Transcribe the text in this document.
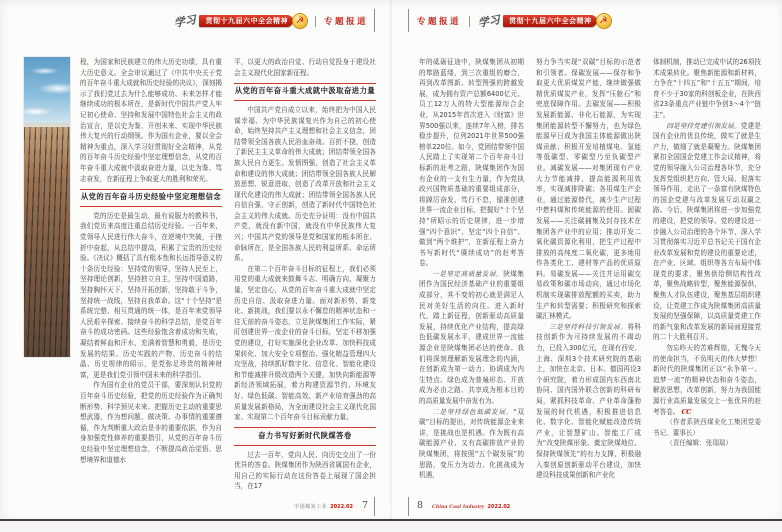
学习	贯彻十九届六中全会精神 ☭	专题报道	专题报道 学习	贯彻十九届六中全会精神 ☭

程，为国家和民族建立的伟大历史功绩，具有重大历史意义。全会审议通过了《中共中央关于党的百年奋斗重大成就和历史经验的决议》，深刻揭示了我们党过去为什么能够成功、未来怎样才能继续成功的根本所在，是新时代中国共产党人牢记初心使命、坚持和发展中国特色社会主义的政治宣言，是以史为鉴、开创未来、实现中华民族伟大复兴的行动纲领。作为国有企业，要以全会精神为重点，深入学习好贯彻好全会精神，从党的百年奋斗历史经验中坚定理想信念，从党的百年奋斗重大成就中汲取奋进力量，以史为鉴、笃志奋发，在新征程上争取更大的胜利和荣光。

从党的百年奋斗历史经验中坚定理想信念

党的历史是最生动、最有说服力的教科书，我们党历来高度注重总结历史经验。一百年来，党领导人民进行伟大奋斗，在逆境中突破，于挫折中奋起，从总结中提高，积累了宝贵的历史经验。《决议》概括了具有根本性和长远指导意义的十条历史经验：坚持党的领导，坚持人民至上，坚持理论创新，坚持独立自主，坚持中国道路，坚持胸怀天下，坚持开拓创新，坚持敢于斗争，坚持统一战线，坚持自我革命。这“十个坚持”是系统完整、相互贯通的统一体，是百年来党领导人民艰辛探索、接续奋斗的科学总结，是党百年奋斗的成功密码。这些经验饱含着成功和失败，凝结着鲜血和汗水，充满着智慧和勇毅，是历史发展的结果、历史实践的产物、历史奋斗的结晶、历史规律的昭示，是党弥足珍贵的精神财富，更是我们党引领中国未来的科学指引。

作为国有企业的党员干部，要深刻认识党的百年奋斗历史经验，把党的历史经验作为正确判断形势、科学预见未来、把握历史主动的重要思想武器，作为想问题、做决策、办事情的重要遵循，作为判断重大政治是非的重要依据，作为自身加强党性修养的重要指引，从党的百年奋斗历史经验中坚定理想信念，不断提高政治觉悟、思想境界和道德水

平，以更大的政治自觉、行动自觉投身于建设社会主义现代化国家新征程。

从党的百年奋斗重大成就中汲取奋进力量

中国共产党自成立以来，始终把为中国人民谋幸福、为中华民族谋复兴作为自己的初心使命，始终坚持共产主义理想和社会主义信念，团结带领全国各族人民浴血奋战、百折不挠，创造了新民主主义革命的伟大成就；团结带领全国各族人民自力更生、发愤图强，创造了社会主义革命和建设的伟大成就；团结带领全国各族人民解放思想、锐意进取，创造了改革开放和社会主义现代化建设的伟大成就；团结带领全国各族人民自信自强、守正创新，创造了新时代中国特色社会主义的伟大成就。历史充分证明：没有中国共产党，就没有新中国，就没有中华民族伟大复兴；中国共产党的领导是党和国家的根本所在、命脉所在，是全国各族人民的利益所系、命运所系。

在第二个百年奋斗目标的征程上，我们必须用党的重大成就来鼓舞斗志、明确方向、凝聚力量，坚定信心，从党的百年奋斗重大成就中坚定历史自信、汲取奋进力量。面对新形势、新变化、新挑战，我们要以永不懈怠的精神状态和一往无前的奋斗姿态，立足陕煤集团工作实际，紧盯创建世界一流企业的奋斗目标，坚定不移加强党的建设，打好实施深化企业改革、加快科技成果转化、加大安全专项整治、强化精益管理四大攻坚战，持续抓好数字化、信息化、智能化建设和节能减排升级改造两个关键，加快向新能源等新经济领域拓展，着力构建资源节约、环境友好、绿色低碳、智能高效、新产业培育强劲的高质量发展新格局，为全面建设社会主义现代化国家、实现第二个百年奋斗目标贡献力量。

奋力书写好新时代陕煤答卷

过去一百年，党向人民、向历史交出了一份优异的答卷。陕煤集团作为陕西省属国有企业，用自己的实际行动在这份答卷上展现了国企担当，在17

年的砥砺征途中，陕煤集团从初期的筚路蓝缕，到三次重组的磨合，再到改革图新、转型图强的跨越发展，成为拥有资产总额6400亿元、员工12万人的特大型能源综合企业，从2015年首次进入《财富》世界500强以来，连续7年入榜，排名稳步提升，位列2021年世界500强榜单220位。如今，党团结带领中国人民踏上了实现第二个百年奋斗目标新的赶考之路，陕煤集团作为国有企业的一支有生力量，作为党执政兴国物质基础的重要组成部分，将踔厉奋发、笃行不怠，锚准创建世界一流企业目标，把握好“十个坚持”所昭示的历史规律，进一步增强“四个意识”、坚定“四个自信”、做到“两个维护”，在新征程上奋力书写新时代“赓续成功”的赶考答卷。

一是坚定高质量发展。陕煤集团作为国民经济基础产业的重要组成部分，其不变的初心就是满足人民对美好生活的向往。进入新时代，踏上新征程，创新驱动高质量发展，持续优化产业结构，提高绿色低碳发展水平，建成世界一流能源企业是陕煤集团必达的使命。我们将深刻理解新发展理念的内涵，在创新成为第一动力、协调成为内生特点、绿色成为普遍形态、开放成为必由之路、共享成为根本目的的高质量发展中奋发有为。

二是坚持绿色低碳发展。“双碳”目标的提出，对传统能源企业来讲，是挑战也是机遇。作为既有高碳能源产业、又有高碳排放产业的陕煤集团，将按照“五个碳发展”的思路，变压力为动力、化挑战成为机遇，

努力争当实现“双碳”目标的示范者和引领者。保碳发展——保存和争取更大优质煤炭产能，继续做强做精优质煤炭产业，发挥“压舱石”和兜底保障作用。去碳发展——积极发展新能源、非化石能源，为实现集团能源转型不懈努力，也为绿色能源早日成为我国主体能源做出陕煤贡献；积极开发培植煤电、氢能等低碳型、零碳型乃至负碳型产业。减碳发展——对集团现有产业大力节能减排，提高能源利用效率，实现减排降碳；各用煤生产企业，通过能源替代，减少生产过程中燃料煤和传统能源的使用。固碳发展——关注碳捕集及封存技术在集团各产业中的应用；推动开发二氧化碳资源化利用，把生产过程中排放的高纯度二氧化碳，更多地用作各类化工、建材等产品的优质原料。易碳发展——关注并运用碳交易政策和碳市场动向，通过市场化机制实现碳排放配额的买卖，助力生产和转型需要；积极研究和探索碳汇林模式。

三是坚持科技引领发展。将科技创新作为可持续发展的不竭动力，已投入300亿元，在现有西安、上海、深圳3个技术研究院的基础上，加快在北京、日本、德国再设3个研究院，着力形成国内东西南北协同、国内国外联合创新的科研布局，紧抓科技革命、产业革命蓬勃发展的时代机遇，积极推进信息化、数字化、智能化赋能改造传统产业，让智慧矿山、智能工厂成为“改变陕煤形象、奠定陕煤地位、保持陕煤领先”的有力支撑，积极融入秦创原创新驱动平台建设，加快建设科技成果创新和产业化

体制机制，推动已完成中试的26项技术成果转化。聚焦新能源和新材料，力争在“十四五”和“十五五”期间，培育不少于30家的科创板企业，在陕西省23条重点产业链中争创3～4个“链主”。

四是坚持党建引领发展。党建是国有企业的优良传统，做实了就是生产力，做细了就是凝聚力。陕煤集团紧扣全国国企党建工作会议精神，将党的领导融入公司治理各环节，充分发挥党组织把方向、管大局、促落实领导作用，走出了一条富有陕煤特色的国企党建与改革发展互动双赢之路。今后，陕煤集团将进一步加强党的建设，把党的领导、党的建设进一步融入公司治理的各个环节，深入学习贯彻落实习近平总书记关于国有企业改革发展和党的建设的重要论述，在产业、区域、组织等各方布局中体现党的要求，聚焦供给侧结构性改革，聚焦战略转型，聚焦能源保供，聚焦人才队伍建设，聚焦基层组织建设，让党建工作成为陕煤集团高质量发展的坚强保障，以高质量党建工作的新气象和改革发展的新局面迎接党的二十大胜利召开。

勿忘昨天的苦难辉煌，无愧今天的使命担当，不负明天的伟大梦想！新时代的陕煤集团正以“永争第一、追梦一流”的精神状态和奋斗姿态，解放思想，改革创新，努力为我国能源行业高质量发展交上一张优异的赶考答卷。 CC

（作者系陕西煤业化工集团党委书记、董事长）

（责任编辑：张瑞瑞）

中国煤炭工业 2022.02 7	8 China Coal Industry 2022.02
